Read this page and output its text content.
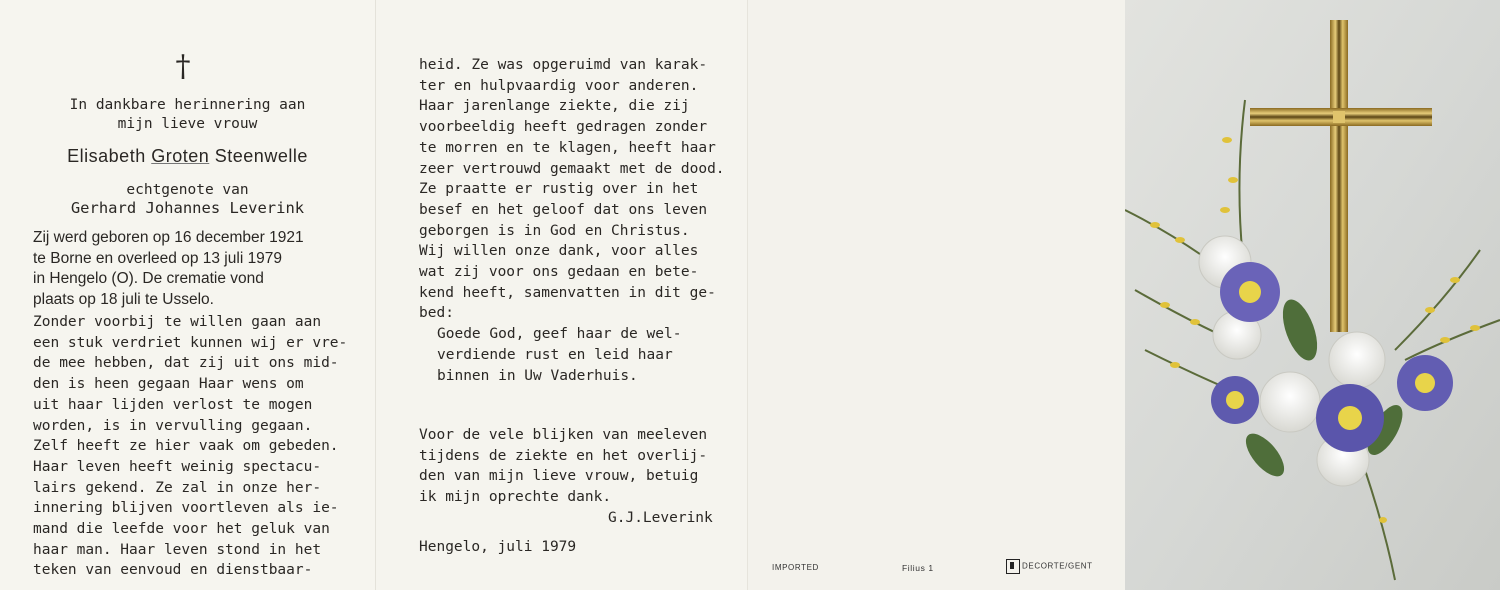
†
In dankbare herinnering aan
mijn lieve vrouw
Elisabeth Groten Steenwelle
echtgenote van
Gerhard Johannes Leverink
Zij werd geboren op 16 december 1921
te Borne en overleed op 13 juli 1979
in Hengelo (O). De crematie vond
plaats op 18 juli te Usselo.
Zonder voorbij te willen gaan aan
een stuk verdriet kunnen wij er vre-
de mee hebben, dat zij uit ons mid-
den is heen gegaan Haar wens om
uit haar lijden verlost te mogen
worden, is in vervulling gegaan.
Zelf heeft ze hier vaak om gebeden.
Haar leven heeft weinig spectacu-
lairs gekend. Ze zal in onze her-
innering blijven voortleven als ie-
mand die leefde voor het geluk van
haar man. Haar leven stond in het
teken van eenvoud en dienstbaar-
heid. Ze was opgeruimd van karak-
ter en hulpvaardig voor anderen.
Haar jarenlange ziekte, die zij
voorbeeldig heeft gedragen zonder
te morren en te klagen, heeft haar
zeer vertrouwd gemaakt met de dood.
Ze praatte er rustig over in het
besef en het geloof dat ons leven
geborgen is in God en Christus.
Wij willen onze dank, voor alles
wat zij voor ons gedaan en bete-
kend heeft, samenvatten in dit ge-
bed:
Goede God, geef haar de wel-
verdiende rust en leid haar
binnen in Uw Vaderhuis.
Voor de vele blijken van meeleven
tijdens de ziekte en het overlij-
den van mijn lieve vrouw, betuig
ik mijn oprechte dank.
G.J.Leverink
Hengelo, juli 1979
IMPORTED	Filius 1	DECORTE/GENT
